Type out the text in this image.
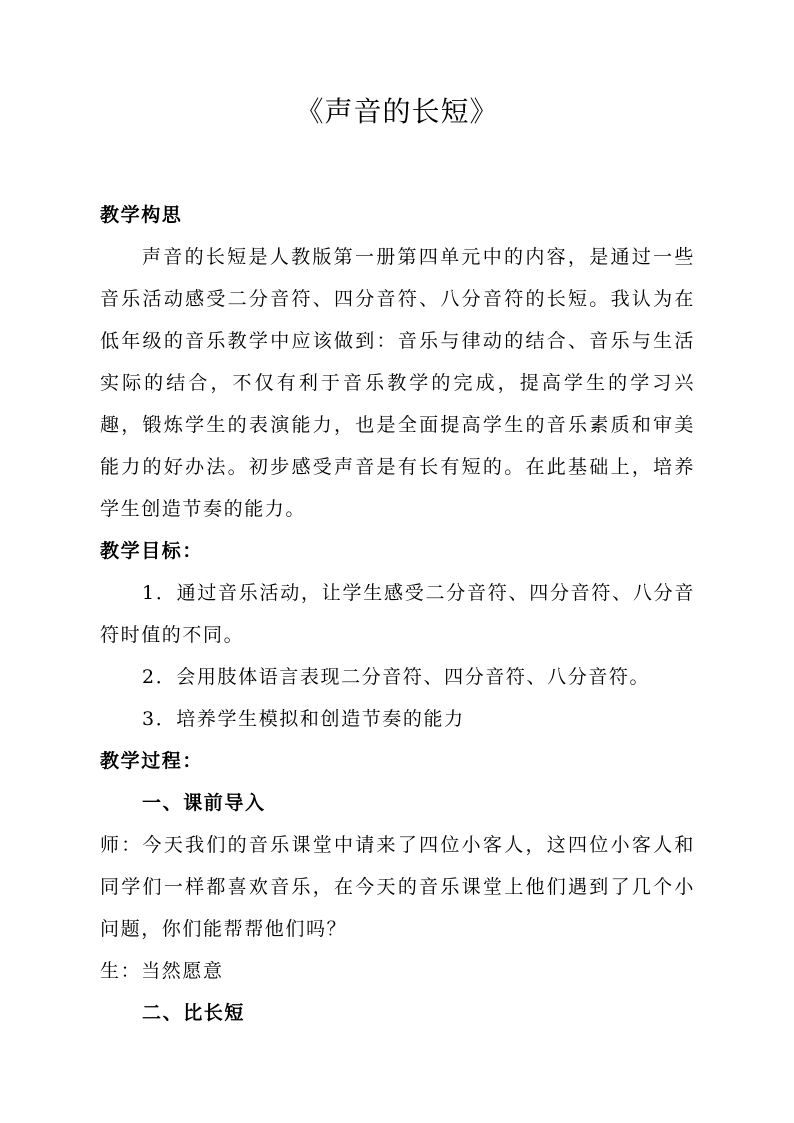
《声音的长短》

教学构思

声音的长短是人教版第一册第四单元中的内容，是通过一些音乐活动感受二分音符、四分音符、八分音符的长短。我认为在低年级的音乐教学中应该做到：音乐与律动的结合、音乐与生活实际的结合，不仅有利于音乐教学的完成，提高学生的学习兴趣，锻炼学生的表演能力，也是全面提高学生的音乐素质和审美能力的好办法。初步感受声音是有长有短的。在此基础上，培养学生创造节奏的能力。

教学目标：

1．通过音乐活动，让学生感受二分音符、四分音符、八分音符时值的不同。

2．会用肢体语言表现二分音符、四分音符、八分音符。

3．培养学生模拟和创造节奏的能力

教学过程：

一、课前导入

师：今天我们的音乐课堂中请来了四位小客人，这四位小客人和同学们一样都喜欢音乐，在今天的音乐课堂上他们遇到了几个小问题，你们能帮帮他们吗？

生：当然愿意

二、比长短
